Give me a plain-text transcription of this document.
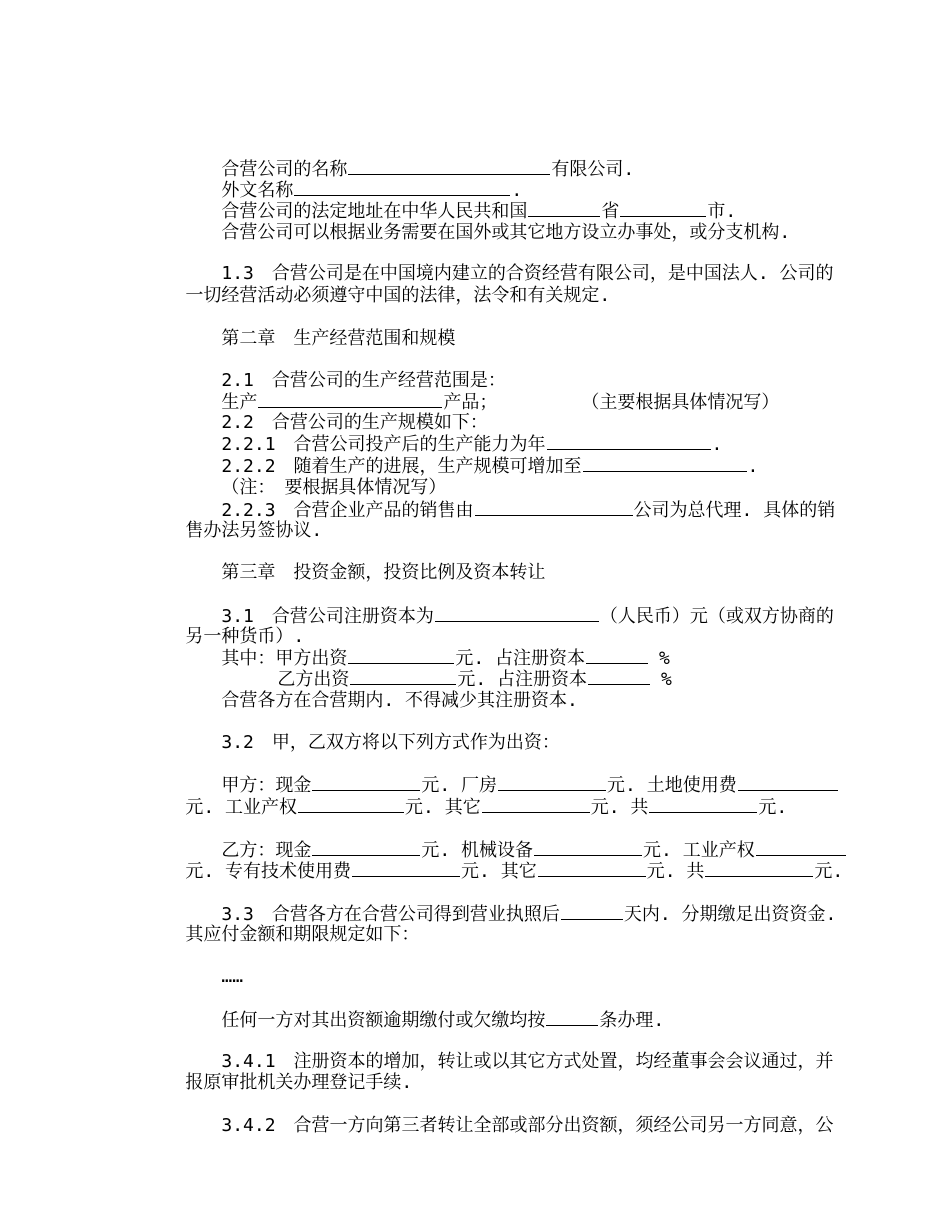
合营公司的名称	有限公司.

外文名称	.

合营公司的法定地址在中华人民共和国	省	市.

合营公司可以根据业务需要在国外或其它地方设立办事处，或分支机构.

1.3　合营公司是在中国境内建立的合资经营有限公司，是中国法人. 公司的

一切经营活动必须遵守中国的法律，法令和有关规定.

第二章　生产经营范围和规模

2.1　合营公司的生产经营范围是：

生产	产品；	（主要根据具体情况写）

2.2　合营公司的生产规模如下：

2.2.1　合营公司投产后的生产能力为年	.

2.2.2　随着生产的进展，生产规模可增加至	.

（注：　要根据具体情况写）

2.2.3　合营企业产品的销售由	公司为总代理. 具体的销

售办法另签协议.

第三章　投资金额，投资比例及资本转让

3.1　合营公司注册资本为	（人民币）元（或双方协商的

另一种货币）.

其中：甲方出资	元. 占注册资本	%

乙方出资	元. 占注册资本	%

合营各方在合营期内. 不得减少其注册资本.

3.2　甲，乙双方将以下列方式作为出资：

甲方：现金	元. 厂房	元. 土地使用费

元. 工业产权	元. 其它	元. 共	元.

乙方：现金	元. 机械设备	元. 工业产权

元. 专有技术使用费	元. 其它	元. 共	元.

3.3　合营各方在合营公司得到营业执照后	天内. 分期缴足出资资金.

其应付金额和期限规定如下：

……

任何一方对其出资额逾期缴付或欠缴均按	条办理.

3.4.1　注册资本的增加，转让或以其它方式处置，均经董事会会议通过，并

报原审批机关办理登记手续.

3.4.2　合营一方向第三者转让全部或部分出资额，须经公司另一方同意，公
